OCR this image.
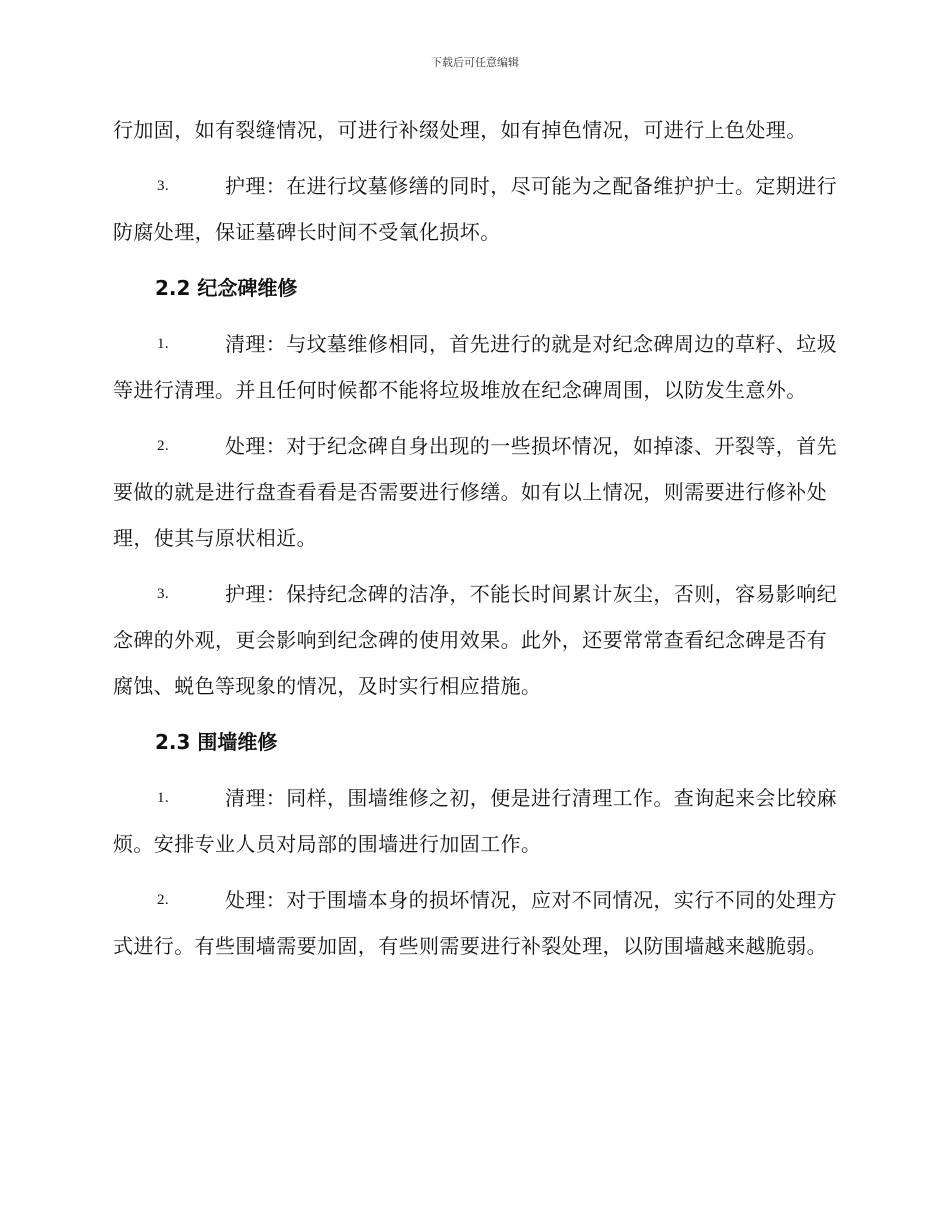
下载后可任意编辑

行加固，如有裂缝情况，可进行补缀处理，如有掉色情况，可进行上色处理。

3.	护理：在进行坟墓修缮的同时，尽可能为之配备维护护士。定期进行防腐处理，保证墓碑长时间不受氧化损坏。

2.2 纪念碑维修

1.	清理：与坟墓维修相同，首先进行的就是对纪念碑周边的草籽、垃圾等进行清理。并且任何时候都不能将垃圾堆放在纪念碑周围，以防发生意外。

2.	处理：对于纪念碑自身出现的一些损坏情况，如掉漆、开裂等，首先要做的就是进行盘查看看是否需要进行修缮。如有以上情况，则需要进行修补处理，使其与原状相近。

3.	护理：保持纪念碑的洁净，不能长时间累计灰尘，否则，容易影响纪念碑的外观，更会影响到纪念碑的使用效果。此外，还要常常查看纪念碑是否有腐蚀、蜕色等现象的情况，及时实行相应措施。

2.3 围墙维修

1.	清理：同样，围墙维修之初，便是进行清理工作。查询起来会比较麻烦。安排专业人员对局部的围墙进行加固工作。

2.	处理：对于围墙本身的损坏情况，应对不同情况，实行不同的处理方式进行。有些围墙需要加固，有些则需要进行补裂处理，以防围墙越来越脆弱。
